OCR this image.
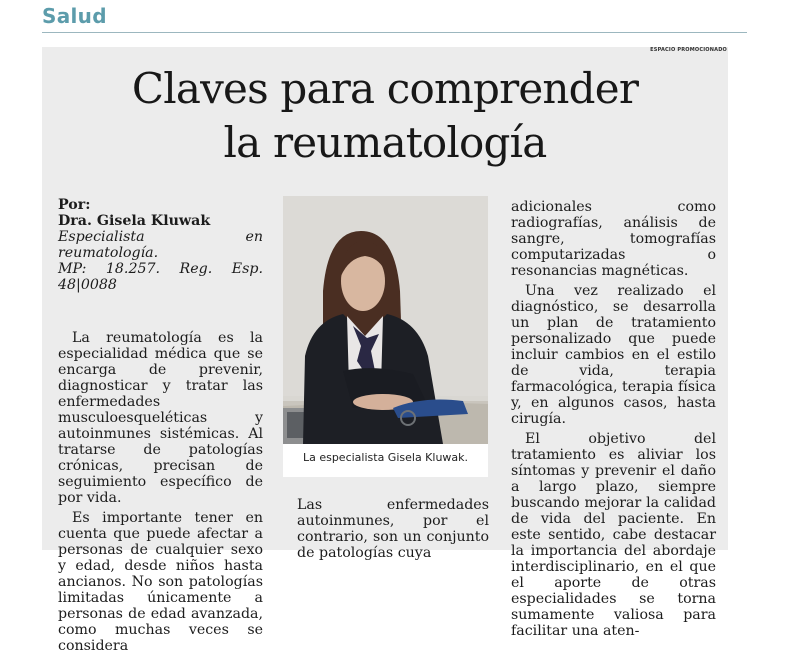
Salud
ESPACIO PROMOCIONADO
Claves para comprender
la reumatología

Por:

Dra. Gisela Kluwak

Especialista en reumatología.

MP: 18.257. Reg. Esp. 48|0088

La reumatología es la especialidad médica que se encarga de prevenir, diagnosticar y tratar las enfermedades musculoesqueléticas y autoinmunes sistémicas. Al tratarse de patologías crónicas, precisan de seguimiento específico de por vida.

Es importante tener en cuenta que puede afectar a personas de cualquier sexo y edad, desde niños hasta ancianos. No son patologías limitadas únicamente a personas de edad avanzada, como muchas veces se considera

La especialista Gisela Kluwak.

Las enfermedades autoinmunes, por el contrario, son un conjunto de patologías cuya

adicionales como radiografías, análisis de sangre, tomografías computarizadas o resonancias magnéticas.

Una vez realizado el diagnóstico, se desarrolla un plan de tratamiento personalizado que puede incluir cambios en el estilo de vida, terapia farmacológica, terapia física y, en algunos casos, hasta cirugía.

El objetivo del tratamiento es aliviar los síntomas y prevenir el daño a largo plazo, siempre buscando mejorar la calidad de vida del paciente. En este sentido, cabe destacar la importancia del abordaje interdisciplinario, en el que el aporte de otras especialidades se torna sumamente valiosa para facilitar una aten-
